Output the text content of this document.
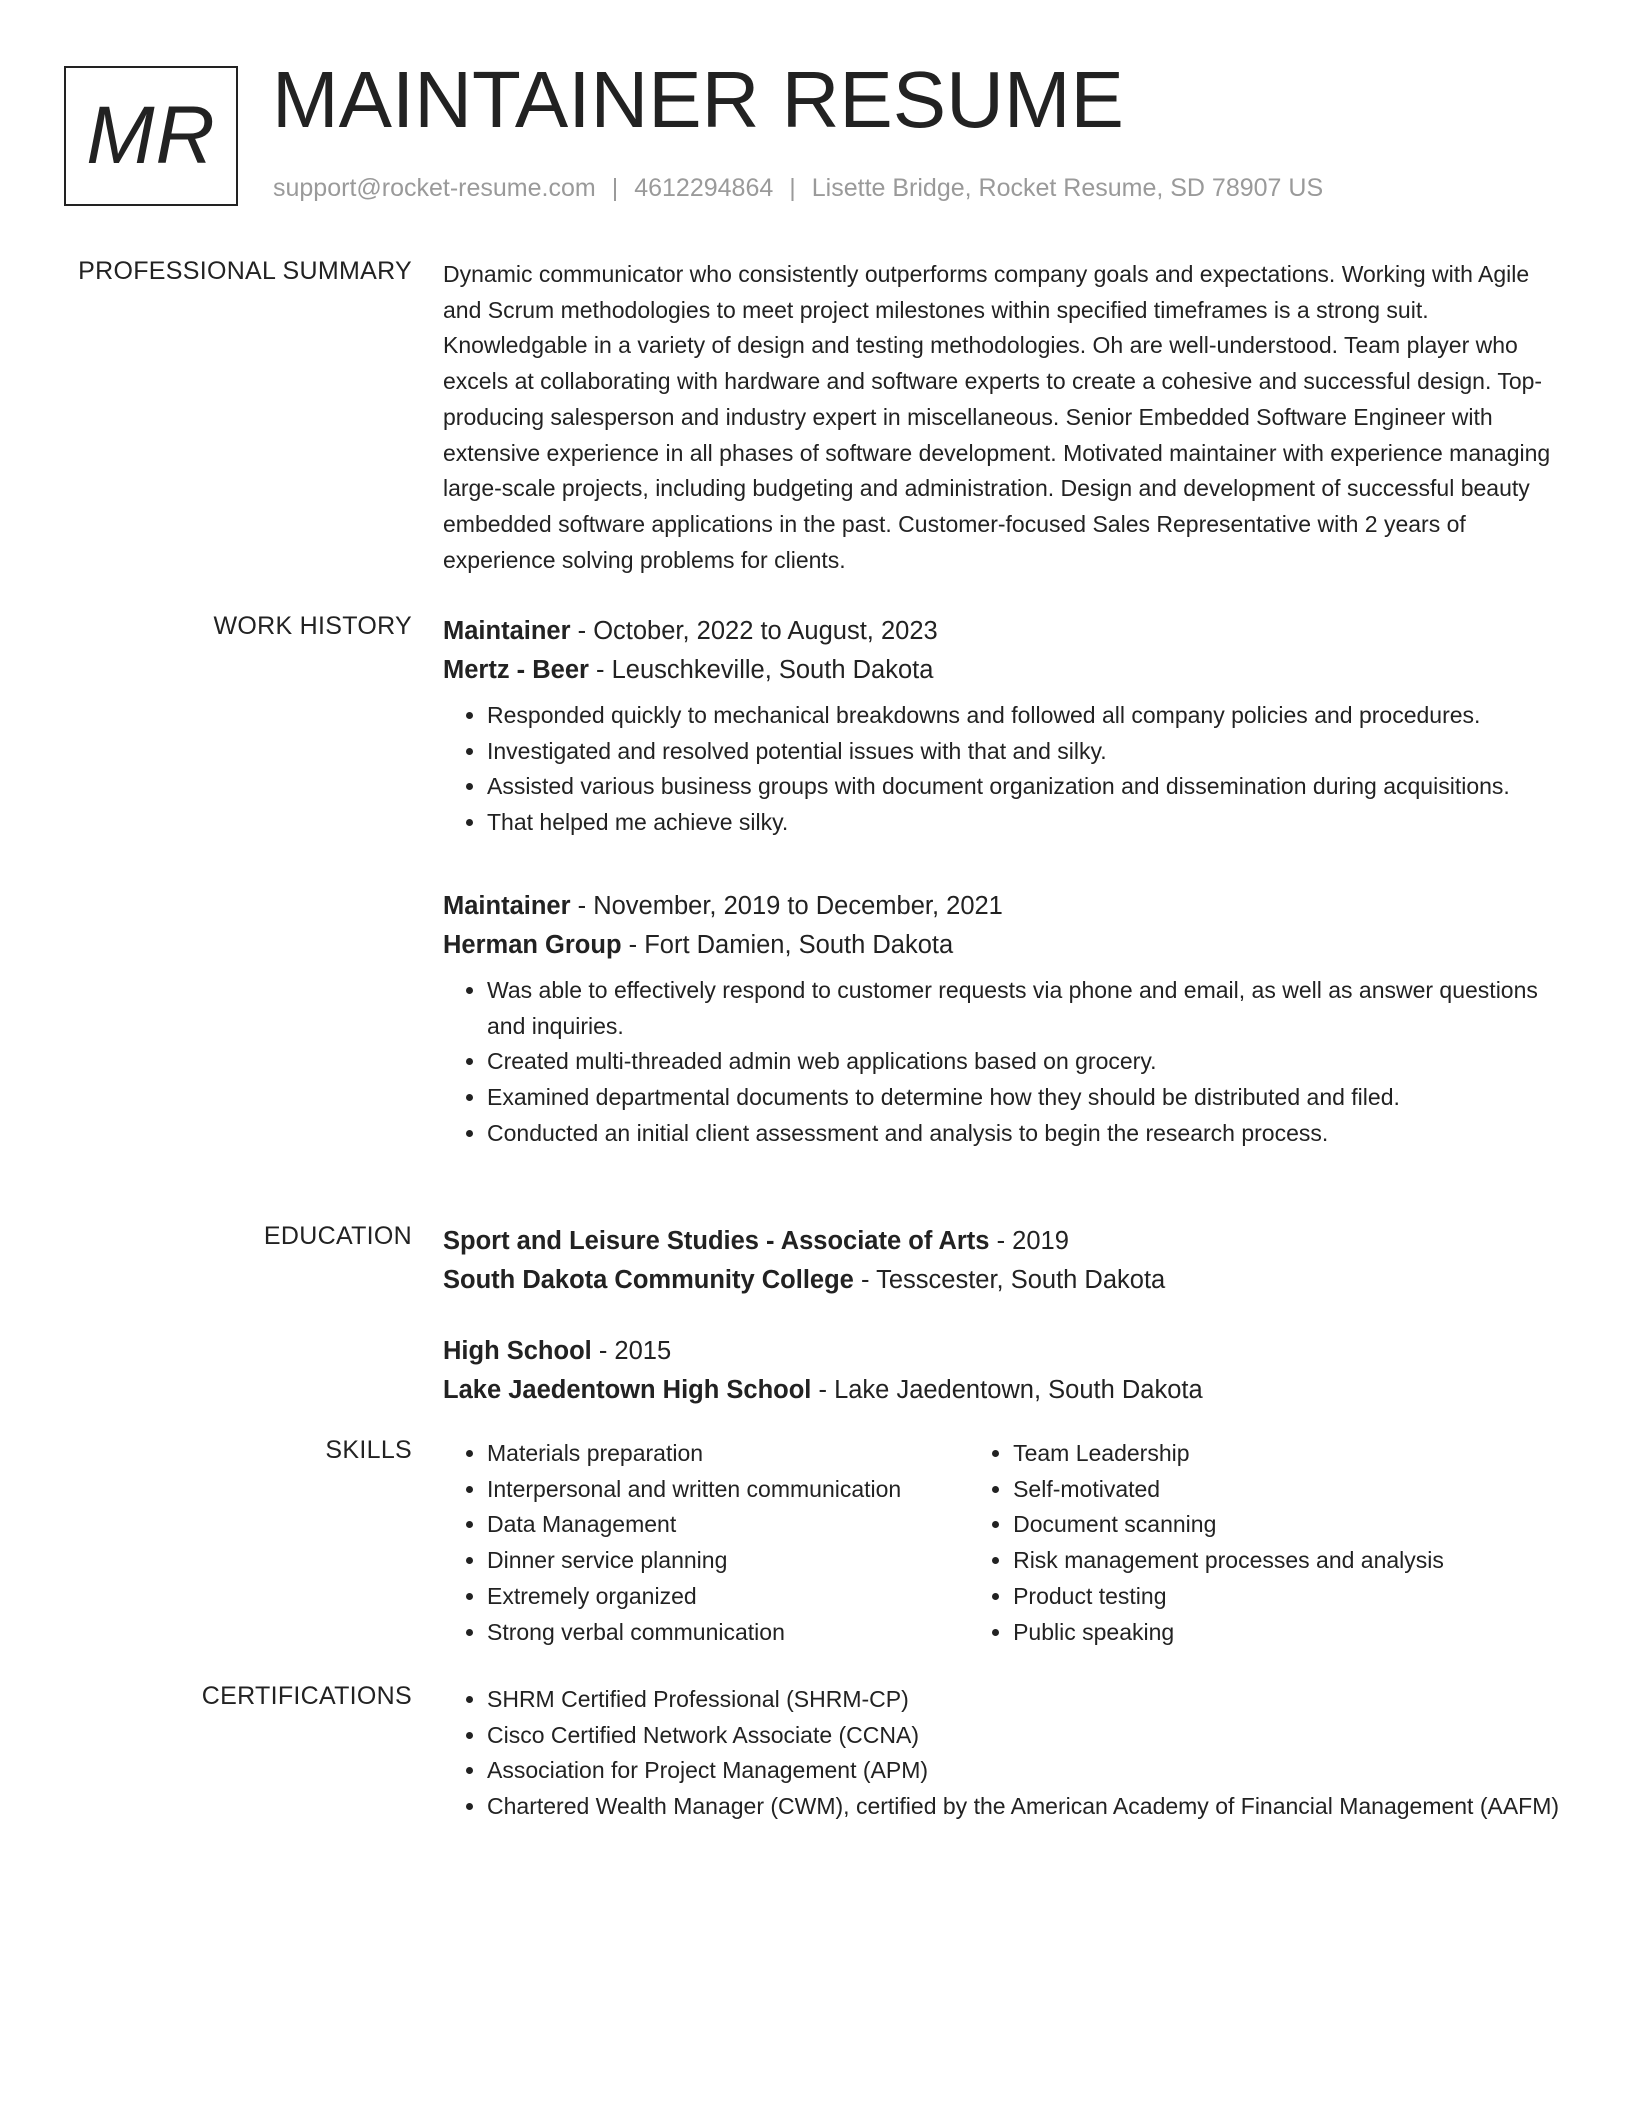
MR MAINTAINER RESUME
support@rocket-resume.com | 4612294864 | Lisette Bridge, Rocket Resume, SD 78907 US
PROFESSIONAL SUMMARY Dynamic communicator who consistently outperforms company goals and expectations. Working with Agile and Scrum methodologies to meet project milestones within specified timeframes is a strong suit. Knowledgable in a variety of design and testing methodologies. Oh are well-understood. Team player who excels at collaborating with hardware and software experts to create a cohesive and successful design. Top-producing salesperson and industry expert in miscellaneous. Senior Embedded Software Engineer with extensive experience in all phases of software development. Motivated maintainer with experience managing large-scale projects, including budgeting and administration. Design and development of successful beauty embedded software applications in the past. Customer-focused Sales Representative with 2 years of experience solving problems for clients.

WORK HISTORY Maintainer - October, 2022 to August, 2023

Mertz - Beer - Leuschkeville, South Dakota

• Responded quickly to mechanical breakdowns and followed all company policies and procedures.
• Investigated and resolved potential issues with that and silky.
• Assisted various business groups with document organization and dissemination during acquisitions.
• That helped me achieve silky.

Maintainer - November, 2019 to December, 2021

Herman Group - Fort Damien, South Dakota

• Was able to effectively respond to customer requests via phone and email, as well as answer questions and inquiries.
• Created multi-threaded admin web applications based on grocery.
• Examined departmental documents to determine how they should be distributed and filed.
• Conducted an initial client assessment and analysis to begin the research process.
EDUCATION Sport and Leisure Studies - Associate of Arts - 2019

South Dakota Community College - Tesscester, South Dakota

High School - 2015

Lake Jaedentown High School - Lake Jaedentown, South Dakota

SKILLS	• Materials preparation
• Interpersonal and written communication
• Data Management
• Dinner service planning
• Extremely organized
• Strong verbal communication
• Team Leadership
• Self-motivated
• Document scanning
• Risk management processes and analysis
• Product testing
• Public speaking
CERTIFICATIONS	• SHRM Certified Professional (SHRM-CP)
• Cisco Certified Network Associate (CCNA)
• Association for Project Management (APM)
• Chartered Wealth Manager (CWM), certified by the American Academy of Financial Management (AAFM)
